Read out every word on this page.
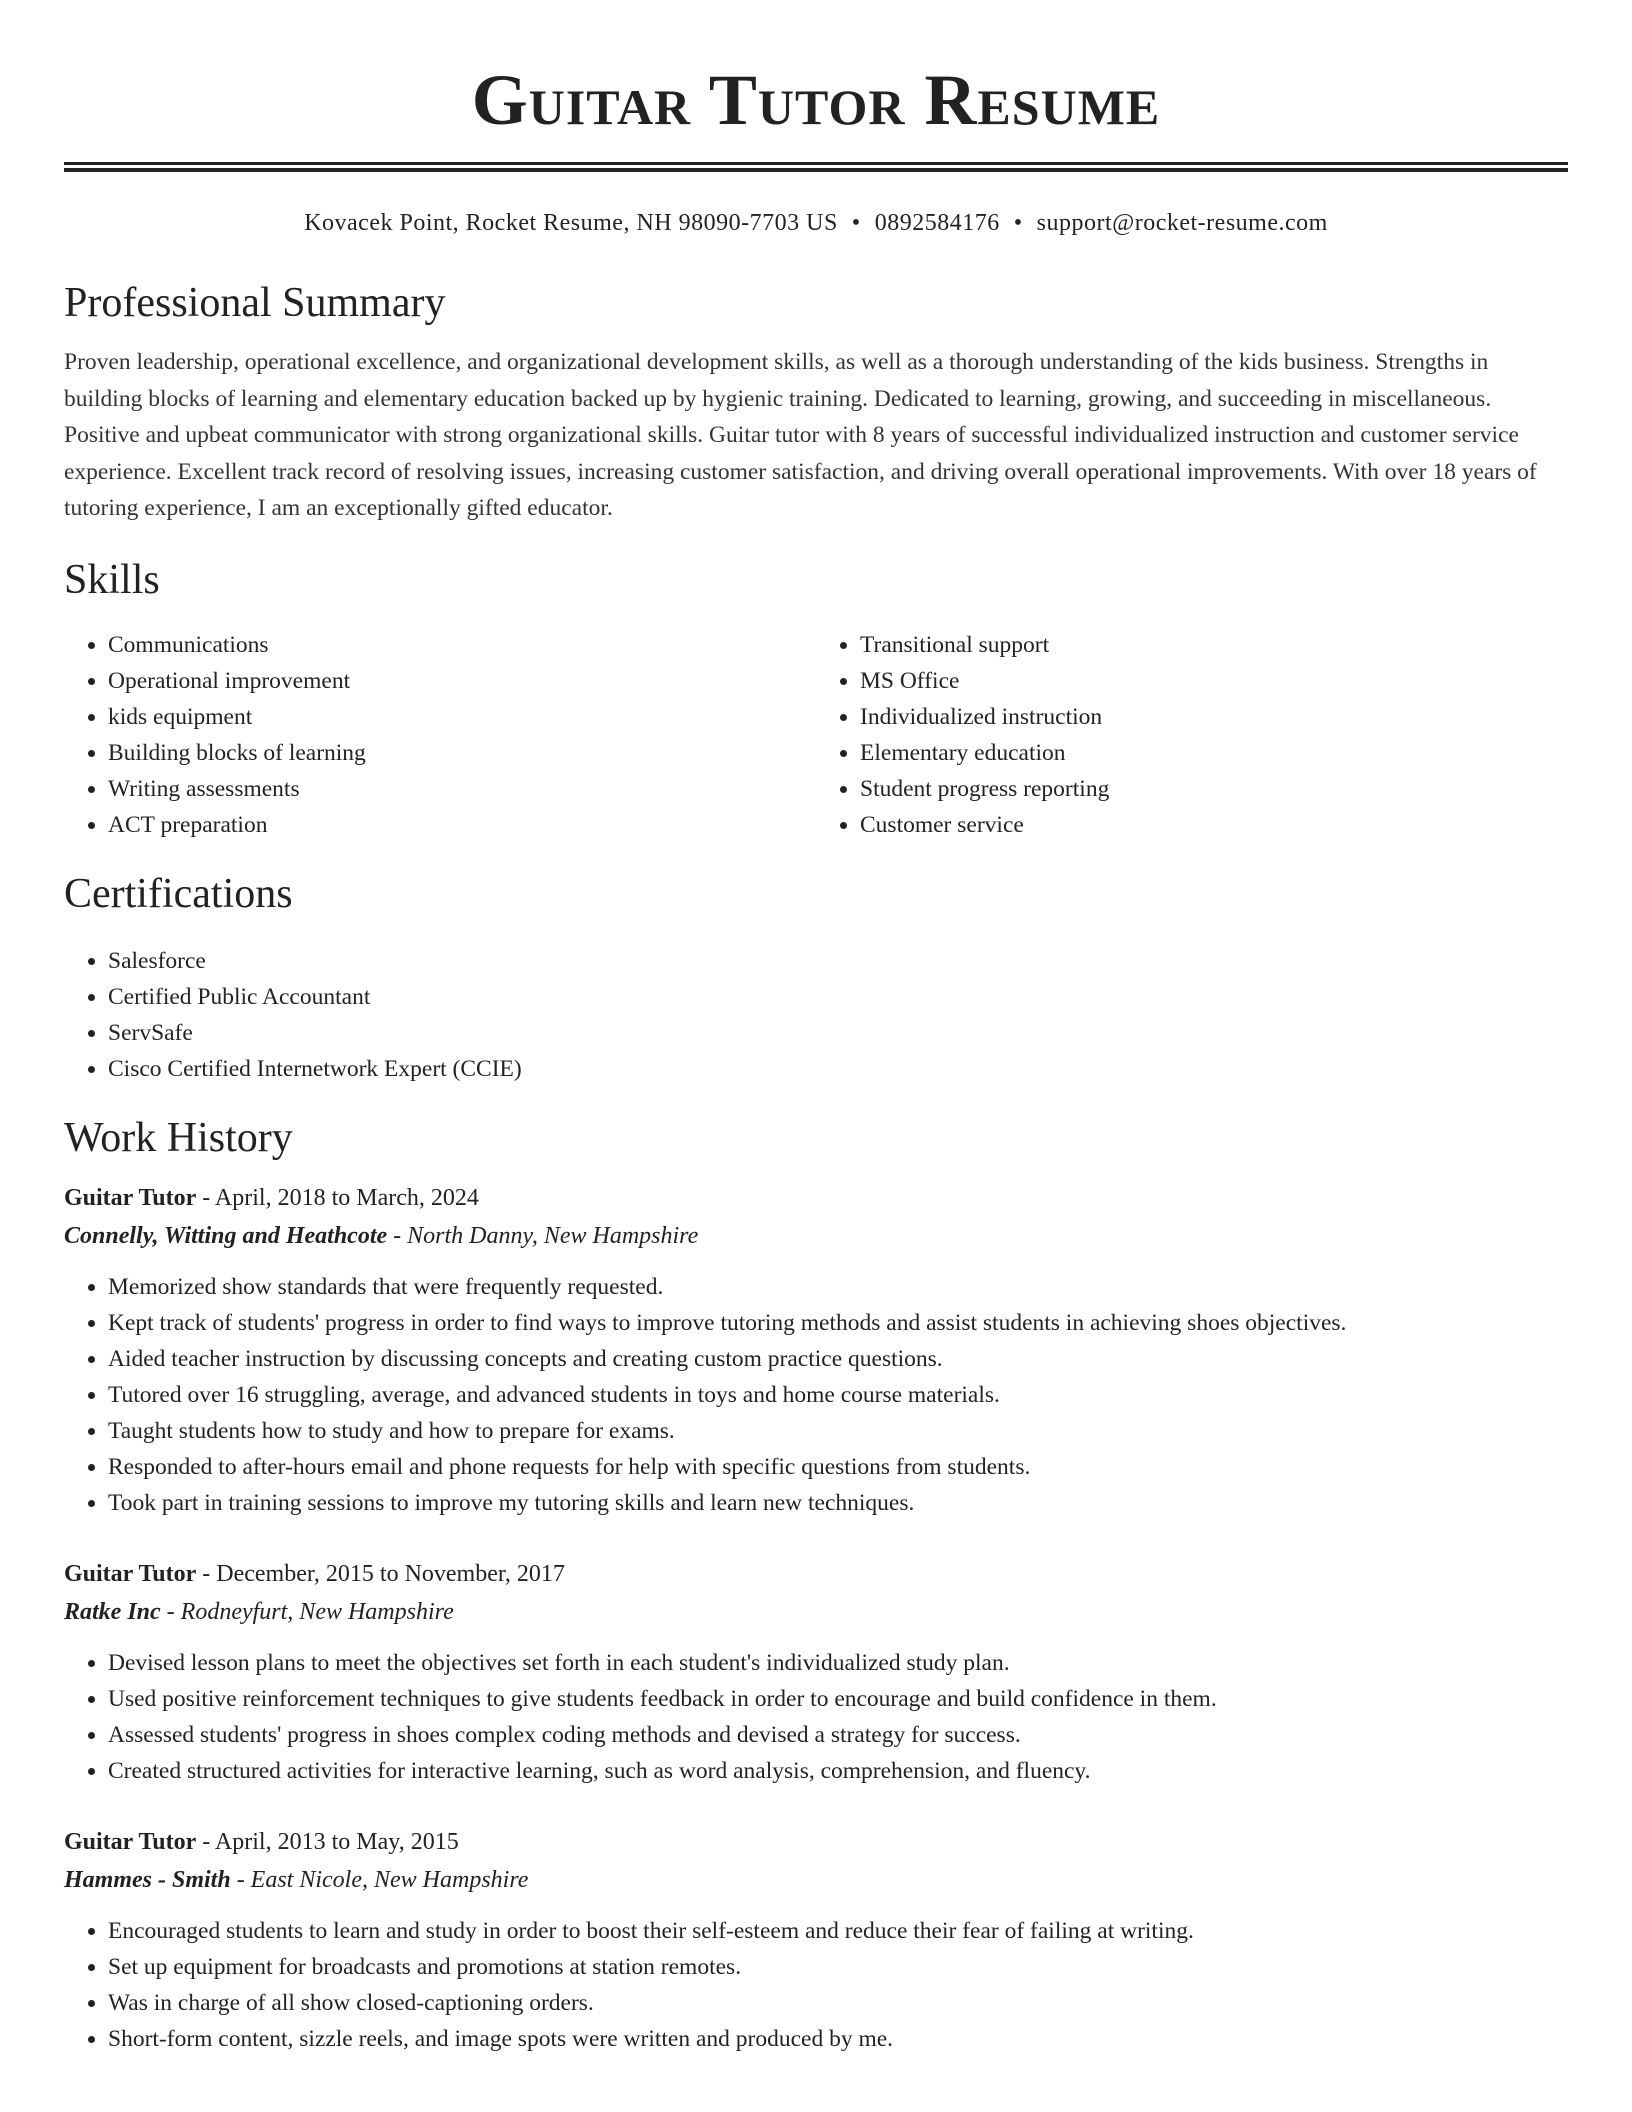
Guitar Tutor Resume
Kovacek Point, Rocket Resume, NH 98090-7703 US • 0892584176 • support@rocket-resume.com
Professional Summary
Proven leadership, operational excellence, and organizational development skills, as well as a thorough understanding of the kids business. Strengths in building blocks of learning and elementary education backed up by hygienic training. Dedicated to learning, growing, and succeeding in miscellaneous. Positive and upbeat communicator with strong organizational skills. Guitar tutor with 8 years of successful individualized instruction and customer service experience. Excellent track record of resolving issues, increasing customer satisfaction, and driving overall operational improvements. With over 18 years of tutoring experience, I am an exceptionally gifted educator.
Skills
• Communications
• Operational improvement
• kids equipment
• Building blocks of learning
• Writing assessments
• ACT preparation
• Transitional support
• MS Office
• Individualized instruction
• Elementary education
• Student progress reporting
• Customer service
Certifications
• Salesforce
• Certified Public Accountant
• ServSafe
• Cisco Certified Internetwork Expert (CCIE)
Work History
Guitar Tutor - April, 2018 to March, 2024
Connelly, Witting and Heathcote - North Danny, New Hampshire
• Memorized show standards that were frequently requested.
• Kept track of students' progress in order to find ways to improve tutoring methods and assist students in achieving shoes objectives.
• Aided teacher instruction by discussing concepts and creating custom practice questions.
• Tutored over 16 struggling, average, and advanced students in toys and home course materials.
• Taught students how to study and how to prepare for exams.
• Responded to after-hours email and phone requests for help with specific questions from students.
• Took part in training sessions to improve my tutoring skills and learn new techniques.
Guitar Tutor - December, 2015 to November, 2017
Ratke Inc - Rodneyfurt, New Hampshire
• Devised lesson plans to meet the objectives set forth in each student's individualized study plan.
• Used positive reinforcement techniques to give students feedback in order to encourage and build confidence in them.
• Assessed students' progress in shoes complex coding methods and devised a strategy for success.
• Created structured activities for interactive learning, such as word analysis, comprehension, and fluency.
Guitar Tutor - April, 2013 to May, 2015
Hammes - Smith - East Nicole, New Hampshire
• Encouraged students to learn and study in order to boost their self-esteem and reduce their fear of failing at writing.
• Set up equipment for broadcasts and promotions at station remotes.
• Was in charge of all show closed-captioning orders.
• Short-form content, sizzle reels, and image spots were written and produced by me.
